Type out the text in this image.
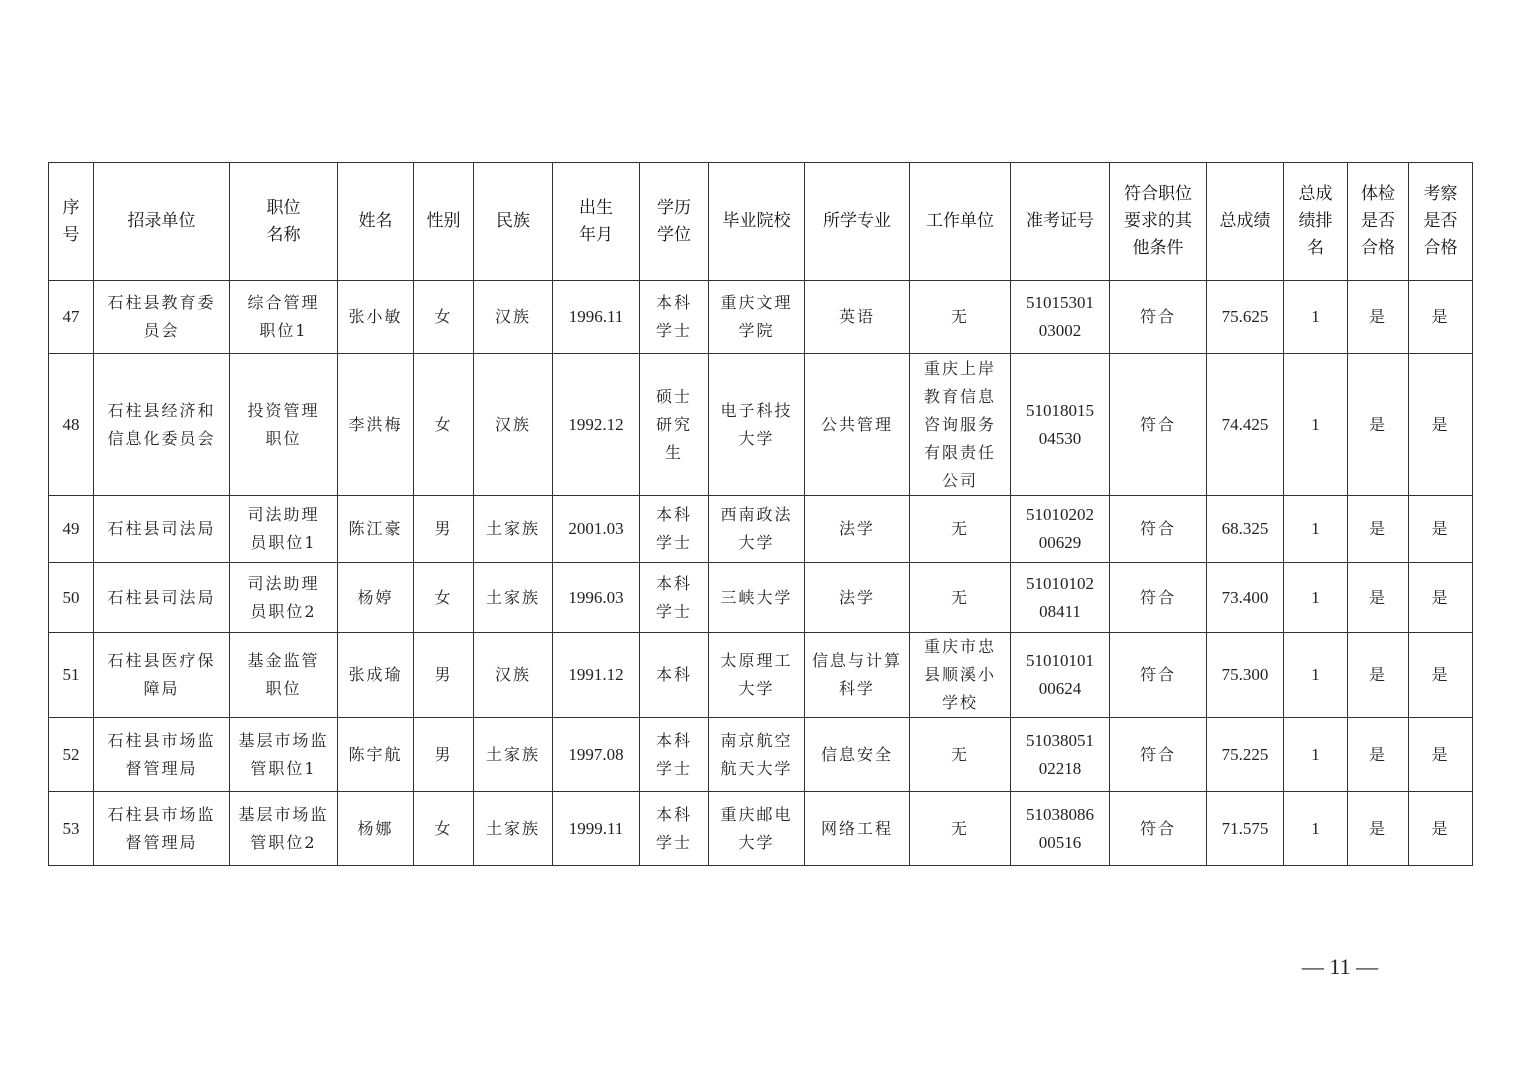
序号	招录单位	职位名称	姓名	性别	民族	出生年月	学历学位	毕业院校	所学专业	工作单位	准考证号	符合职位要求的其他条件	总成绩	总成绩排名	体检是否合格	考察是否合格
47	石柱县教育委员会	综合管理职位1	张小敏	女	汉族	1996.11	本科学士	重庆文理学院	英语	无	5101530103002	符合	75.625	1	是	是
48	石柱县经济和信息化委员会	投资管理职位	李洪梅	女	汉族	1992.12	硕士研究生	电子科技大学	公共管理	重庆上岸教育信息咨询服务有限责任公司	5101801504530	符合	74.425	1	是	是
49	石柱县司法局	司法助理员职位1	陈江豪	男	土家族	2001.03	本科学士	西南政法大学	法学	无	5101020200629	符合	68.325	1	是	是
50	石柱县司法局	司法助理员职位2	杨婷	女	土家族	1996.03	本科学士	三峡大学	法学	无	5101010208411	符合	73.400	1	是	是
51	石柱县医疗保障局	基金监管职位	张成瑜	男	汉族	1991.12	本科	太原理工大学	信息与计算科学	重庆市忠县顺溪小学校	5101010100624	符合	75.300	1	是	是
52	石柱县市场监督管理局	基层市场监管职位1	陈宇航	男	土家族	1997.08	本科学士	南京航空航天大学	信息安全	无	5103805102218	符合	75.225	1	是	是
53	石柱县市场监督管理局	基层市场监管职位2	杨娜	女	土家族	1999.11	本科学士	重庆邮电大学	网络工程	无	5103808600516	符合	71.575	1	是	是
— 11 —
